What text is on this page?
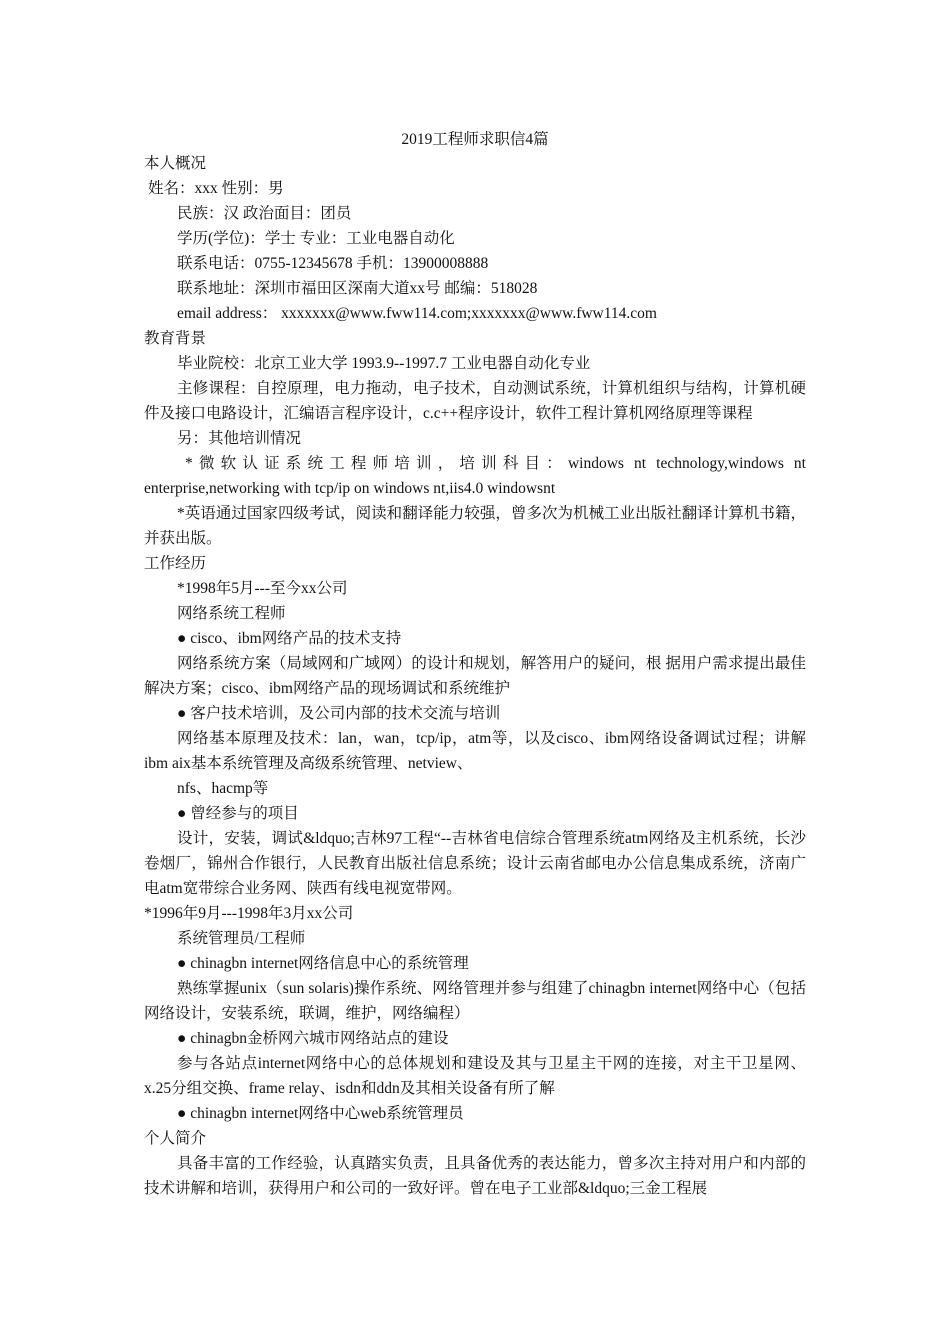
2019工程师求职信4篇
本人概况
姓名：xxx 性别：男
民族：汉 政治面目：团员
学历(学位)：学士 专业：工业电器自动化
联系电话：0755-12345678 手机：13900008888
联系地址：深圳市福田区深南大道xx号 邮编：518028
email address： xxxxxxx@www.fww114.com;xxxxxxx@www.fww114.com
教育背景
毕业院校：北京工业大学 1993.9--1997.7 工业电器自动化专业
主修课程：自控原理，电力拖动，电子技术，自动测试系统，计算机组织与结构，计算机硬件及接口电路设计，汇编语言程序设计，c.c++程序设计，软件工程计算机网络原理等课程
另：其他培训情况
*微软认证系统工程师培训，培训科目：windows nt technology,windows nt enterprise,networking with tcp/ip on windows nt,iis4.0 windowsnt
*英语通过国家四级考试，阅读和翻译能力较强，曾多次为机械工业出版社翻译计算机书籍，并获出版。
工作经历
*1998年5月---至今xx公司
网络系统工程师
● cisco、ibm网络产品的技术支持
网络系统方案（局域网和广域网）的设计和规划，解答用户的疑问，根 据用户需求提出最佳解决方案；cisco、ibm网络产品的现场调试和系统维护
● 客户技术培训，及公司内部的技术交流与培训
网络基本原理及技术：lan，wan，tcp/ip，atm等，以及cisco、ibm网络设备调试过程；讲解ibm aix基本系统管理及高级系统管理、netview、
nfs、hacmp等
● 曾经参与的项目
设计，安装，调试&ldquo;吉林97工程“--吉林省电信综合管理系统atm网络及主机系统，长沙卷烟厂，锦州合作银行，人民教育出版社信息系统；设计云南省邮电办公信息集成系统，济南广电atm宽带综合业务网、陕西有线电视宽带网。
*1996年9月---1998年3月xx公司
系统管理员/工程师
● chinagbn internet网络信息中心的系统管理
熟练掌握unix（sun solaris)操作系统、网络管理并参与组建了chinagbn internet网络中心（包括网络设计，安装系统，联调，维护，网络编程）
● chinagbn金桥网六城市网络站点的建设
参与各站点internet网络中心的总体规划和建设及其与卫星主干网的连接，对主干卫星网、x.25分组交换、frame relay、isdn和ddn及其相关设备有所了解
● chinagbn internet网络中心web系统管理员
个人简介
具备丰富的工作经验，认真踏实负责，且具备优秀的表达能力，曾多次主持对用户和内部的技术讲解和培训，获得用户和公司的一致好评。曾在电子工业部&ldquo;三金工程展
